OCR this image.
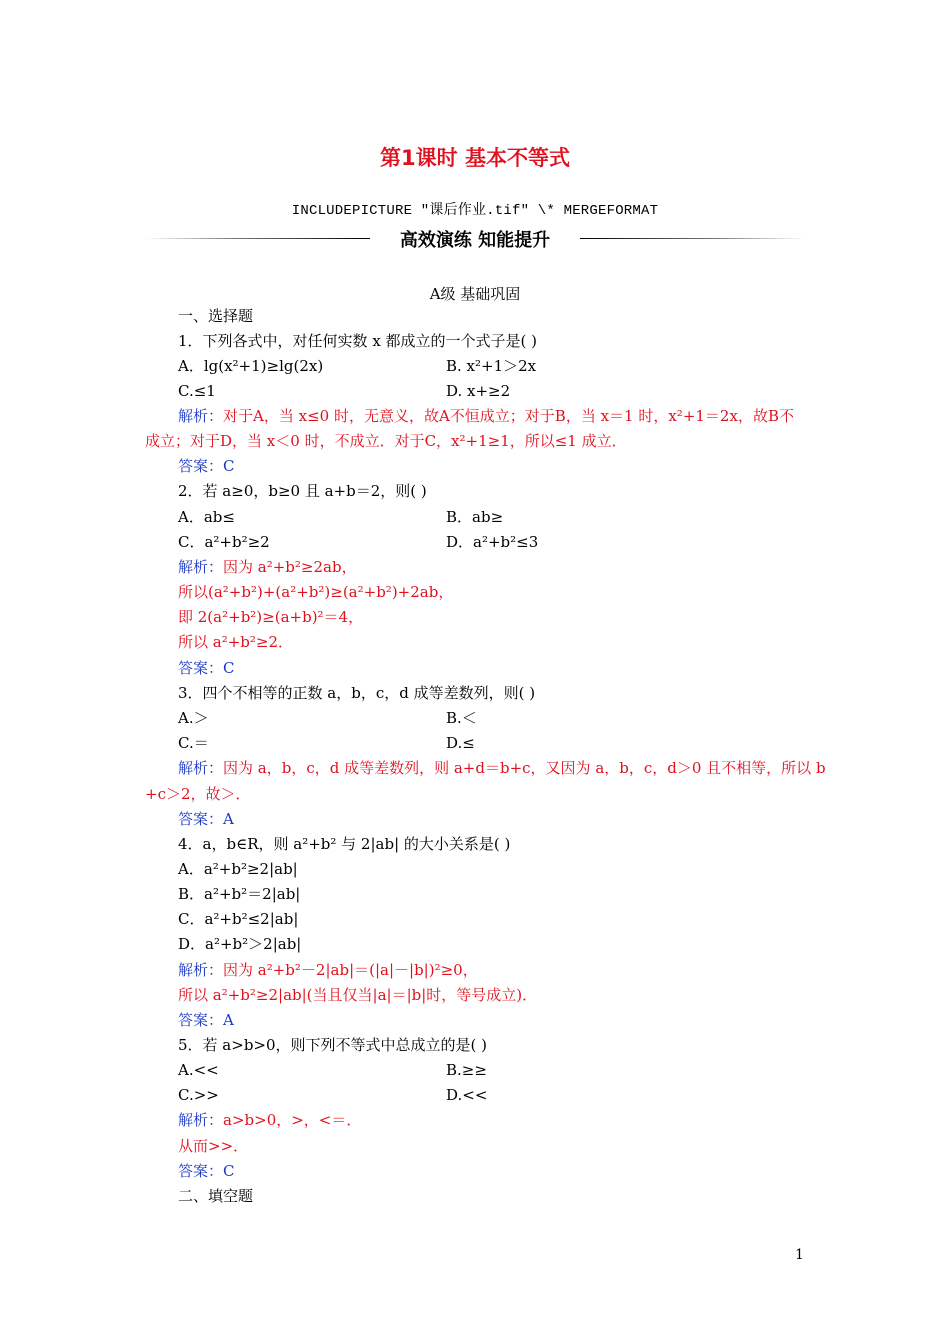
第1课时 基本不等式
INCLUDEPICTURE "课后作业.tif" \* MERGEFORMAT
高效演练 知能提升
A级 基础巩固
一、选择题
1．下列各式中，对任何实数 x 都成立的一个式子是( )
A．lg(x²+1)≥lg(2x)	B. x²+1＞2x
C.≤1	D. x+≥2
解析：对于A，当 x≤0 时，无意义，故A不恒成立；对于B，当 x＝1 时，x²+1＝2x，故B不
成立；对于D，当 x＜0 时，不成立．对于C，x²+1≥1，所以≤1 成立．
答案：C
2．若 a≥0，b≥0 且 a+b＝2，则( )
A．ab≤	B．ab≥
C．a²+b²≥2	D．a²+b²≤3
解析：因为 a²+b²≥2ab，
所以(a²+b²)+(a²+b²)≥(a²+b²)+2ab，
即 2(a²+b²)≥(a+b)²＝4，
所以 a²+b²≥2．
答案：C
3．四个不相等的正数 a，b，c，d 成等差数列，则( )
A.＞	B.＜
C.＝	D.≤
解析：因为 a，b，c，d 成等差数列，则 a+d＝b+c，又因为 a，b，c，d＞0 且不相等，所以 b
+c＞2，故＞．
答案：A
4．a，b∈R，则 a²+b² 与 2|ab| 的大小关系是( )
A．a²+b²≥2|ab|
B．a²+b²＝2|ab|
C．a²+b²≤2|ab|
D．a²+b²＞2|ab|
解析：因为 a²+b²－2|ab|＝(|a|－|b|)²≥0，
所以 a²+b²≥2|ab|(当且仅当|a|＝|b|时，等号成立)．
答案：A
5．若 a>b>0，则下列不等式中总成立的是( )
A.<<	B.≥≥
C.>>	D.<<
解析：a>b>0，>，<＝．
从而>>．
答案：C
二、填空题
1
